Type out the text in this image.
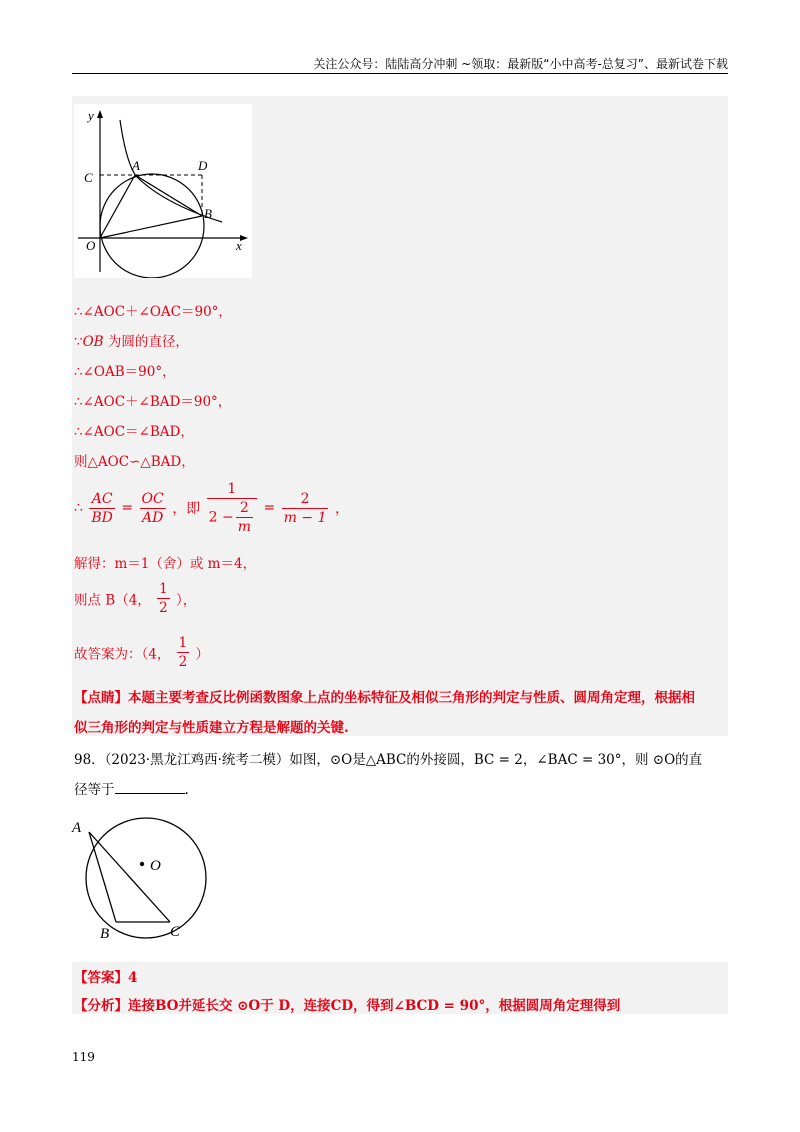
关注公众号：陆陆高分冲刺 ~领取：最新版“小中高考-总复习”、最新试卷下载
y
x
C
A	D
B
O
∴∠AOC＋∠OAC＝90°，
∵OB 为圆的直径，
∴∠OAB＝90°，
∴∠AOC＋∠BAD＝90°，
∴∠AOC＝∠BAD，
则△AOC∽△BAD，
∴ $\frac{AC}{BD} = \frac{OC}{AD}$ ，即 $\frac{1}{2 - \frac{2}{m}} = \frac{2}{m - 1}$ ，
解得：m＝1（舍）或 m＝4，
则点 B（4， $\frac{1}{2}$ ），
故答案为：（4， $\frac{1}{2}$ ）
【点睛】本题主要考查反比例函数图象上点的坐标特征及相似三角形的判定与性质、圆周角定理，根据相
似三角形的判定与性质建立方程是解题的关键.
98．（2023·黑龙江鸡西·统考二模）如图，⊙O是△ABC的外接圆，BC = 2，∠BAC = 30°，则 ⊙O的直
径等于	.
A
O
B	C
【答案】4
【分析】连接BO并延长交 ⊙O于 D，连接CD，得到∠BCD = 90°，根据圆周角定理得到
119
